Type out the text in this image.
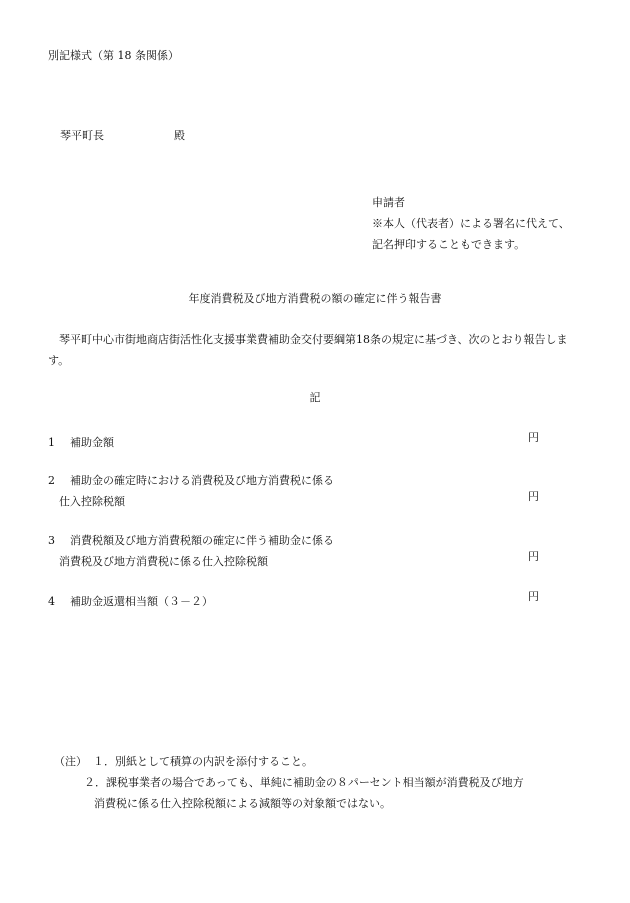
別記様式（第 18 条関係）
琴平町長	殿
申請者
※本人（代表者）による署名に代えて、
記名押印することもできます。
年度消費税及び地方消費税の額の確定に伴う報告書
琴平町中心市街地商店街活性化支援事業費補助金交付要綱第18条の規定に基づき、次のとおり報告します。
記
1 補助金額	円
2 補助金の確定時における消費税及び地方消費税に係る
仕入控除税額	円
3 消費税額及び地方消費税額の確定に伴う補助金に係る
消費税及び地方消費税に係る仕入控除税額	円
4 補助金返還相当額（３－２）	円
（注） １．別紙として積算の内訳を添付すること。
２．課税事業者の場合であっても、単純に補助金の８パーセント相当額が消費税及び地方
消費税に係る仕入控除税額による減額等の対象額ではない。
